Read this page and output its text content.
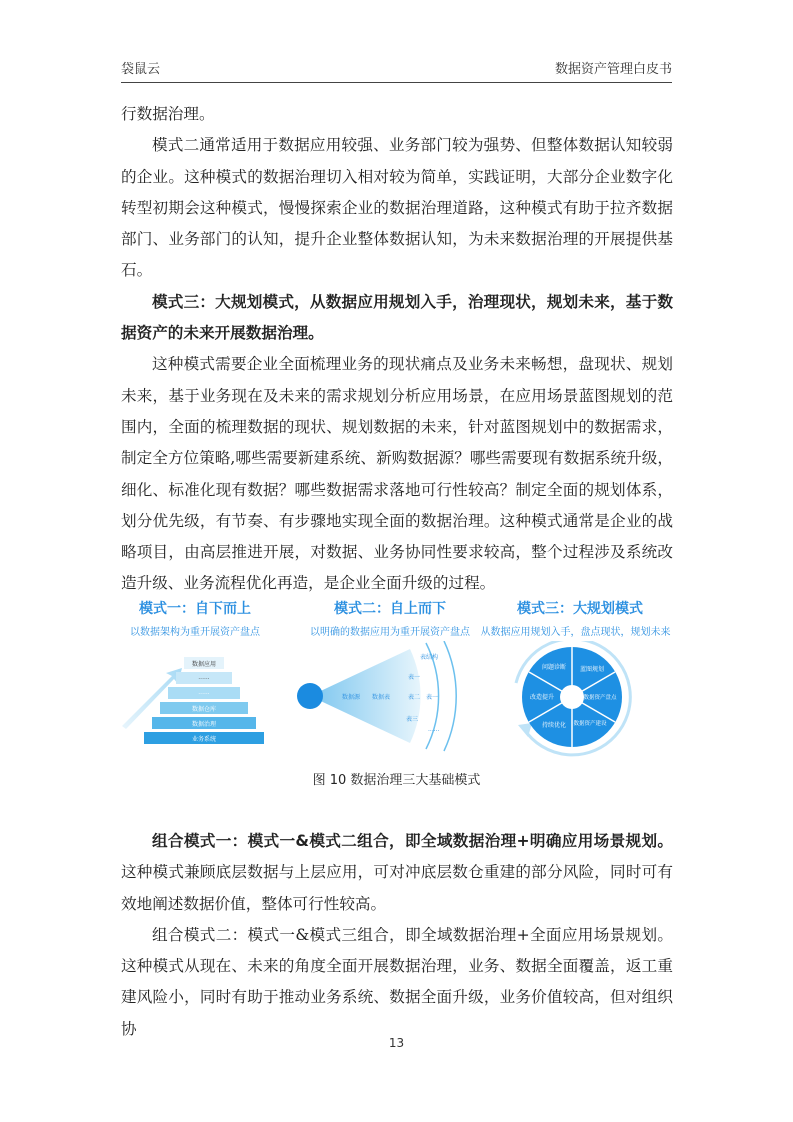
袋鼠云	数据资产管理白皮书

行数据治理。

模式二通常适用于数据应用较强、业务部门较为强势、但整体数据认知较弱的企业。这种模式的数据治理切入相对较为简单，实践证明，大部分企业数字化转型初期会这种模式，慢慢探索企业的数据治理道路，这种模式有助于拉齐数据部门、业务部门的认知，提升企业整体数据认知，为未来数据治理的开展提供基石。

模式三：大规划模式，从数据应用规划入手，治理现状，规划未来，基于数据资产的未来开展数据治理。

这种模式需要企业全面梳理业务的现状痛点及业务未来畅想，盘现状、规划未来，基于业务现在及未来的需求规划分析应用场景，在应用场景蓝图规划的范围内，全面的梳理数据的现状、规划数据的未来，针对蓝图规划中的数据需求，制定全方位策略,哪些需要新建系统、新购数据源？哪些需要现有数据系统升级，细化、标准化现有数据？哪些数据需求落地可行性较高？制定全面的规划体系，划分优先级，有节奏、有步骤地实现全面的数据治理。这种模式通常是企业的战略项目，由高层推进开展，对数据、业务协同性要求较高，整个过程涉及系统改造升级、业务流程优化再造，是企业全面升级的过程。

模式一：自下而上
以数据架构为重开展资产盘点
模式二：自上而下
以明确的数据应用为重开展资产盘点
模式三：大规划模式
从数据应用规划入手，盘点现状，规划未来
数据应用
······
······
数据仓库
数据治理
业务系统
数据源 数据表
表一
表二
表三
表结构
表一
······
问题诊断 蓝图规划
数据资产盘点
数据资产建设
持续优化
改造提升
图 10 数据治理三大基础模式

组合模式一：模式一&模式二组合，即全域数据治理+明确应用场景规划。这种模式兼顾底层数据与上层应用，可对冲底层数仓重建的部分风险，同时可有效地阐述数据价值，整体可行性较高。

组合模式二：模式一&模式三组合，即全域数据治理+全面应用场景规划。这种模式从现在、未来的角度全面开展数据治理，业务、数据全面覆盖，返工重建风险小，同时有助于推动业务系统、数据全面升级，业务价值较高，但对组织协

13
